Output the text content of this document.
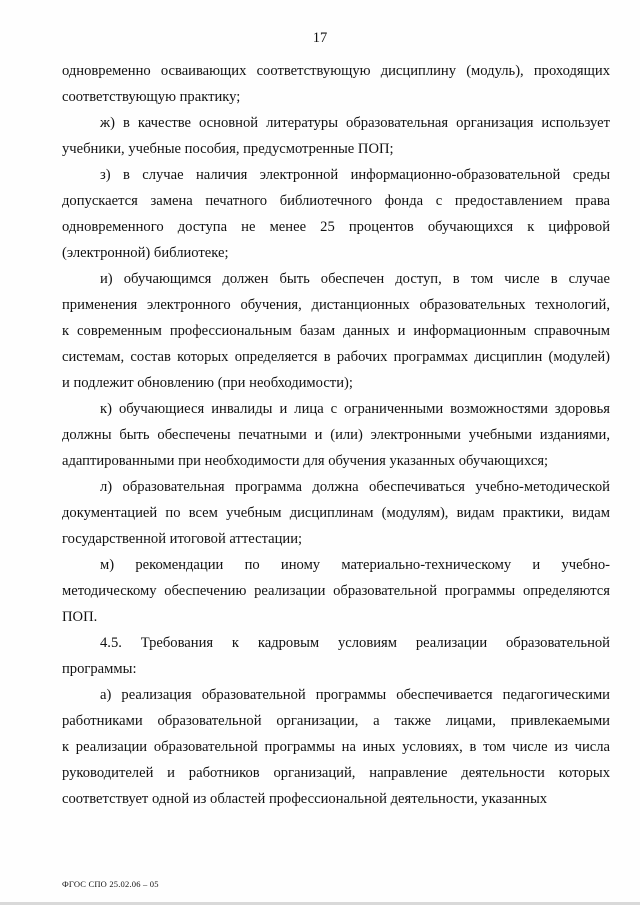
17

одновременно осваивающих соответствующую дисциплину (модуль), проходящих
соответствующую практику;

ж) в качестве основной литературы образовательная организация использует
учебники, учебные пособия, предусмотренные ПОП;

з) в случае наличия электронной информационно-образовательной среды
допускается замена печатного библиотечного фонда с предоставлением права
одновременного доступа не менее 25 процентов обучающихся к цифровой
(электронной) библиотеке;

и) обучающимся должен быть обеспечен доступ, в том числе в случае
применения электронного обучения, дистанционных образовательных технологий,
к современным профессиональным базам данных и информационным справочным
системам, состав которых определяется в рабочих программах дисциплин (модулей)
и подлежит обновлению (при необходимости);

к) обучающиеся инвалиды и лица с ограниченными возможностями здоровья
должны быть обеспечены печатными и (или) электронными учебными изданиями,
адаптированными при необходимости для обучения указанных обучающихся;

л) образовательная программа должна обеспечиваться учебно-методической
документацией по всем учебным дисциплинам (модулям), видам практики, видам
государственной итоговой аттестации;

м) рекомендации по иному материально-техническому и учебно-
методическому обеспечению реализации образовательной программы определяются
ПОП.

4.5. Требования к кадровым условиям реализации образовательной
программы:

а) реализация образовательной программы обеспечивается педагогическими
работниками образовательной организации, а также лицами, привлекаемыми
к реализации образовательной программы на иных условиях, в том числе из числа
руководителей и работников организаций, направление деятельности которых
соответствует одной из областей профессиональной деятельности, указанных

ФГОС СПО 25.02.06 – 05
